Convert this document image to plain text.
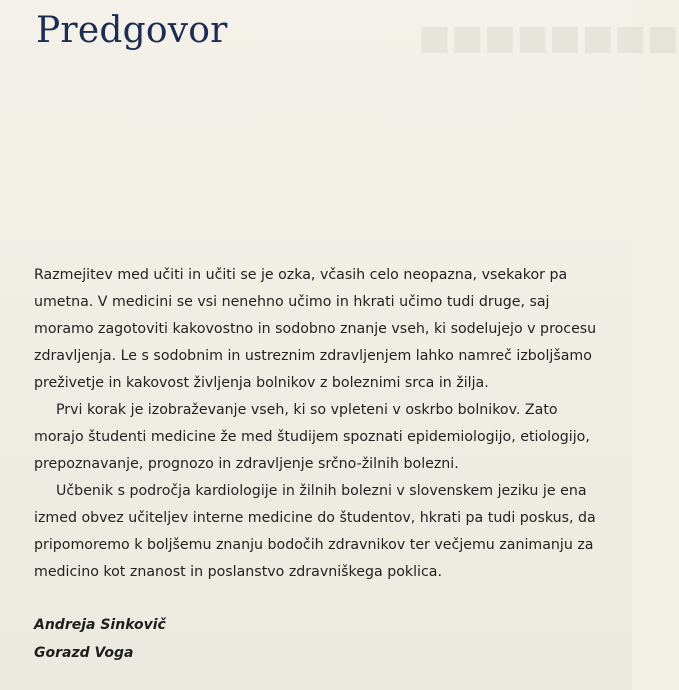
■■■■■■■■
Predgovor

Razmejitev med učiti in učiti se je ozka, včasih celo neopazna, vsekakor pa umetna. V medicini se vsi nenehno učimo in hkrati učimo tudi druge, saj moramo zagotoviti kakovostno in sodobno znanje vseh, ki sodelujejo v procesu zdravljenja. Le s sodobnim in ustreznim zdravljenjem lahko namreč izboljšamo preživetje in kakovost življenja bolnikov z boleznimi srca in žilja.

Prvi korak je izobraževanje vseh, ki so vpleteni v oskrbo bolnikov. Zato morajo študenti medicine že med študijem spoznati epidemiologijo, etiologijo, prepoznavanje, prognozo in zdravljenje srčno-žilnih bolezni.

Učbenik s področja kardiologije in žilnih bolezni v slovenskem jeziku je ena izmed obvez učiteljev interne medicine do študentov, hkrati pa tudi poskus, da pripomoremo k boljšemu znanju bodočih zdravnikov ter večjemu zanimanju za medicino kot znanost in poslanstvo zdravniškega poklica.

Andreja Sinkovič
Gorazd Voga
